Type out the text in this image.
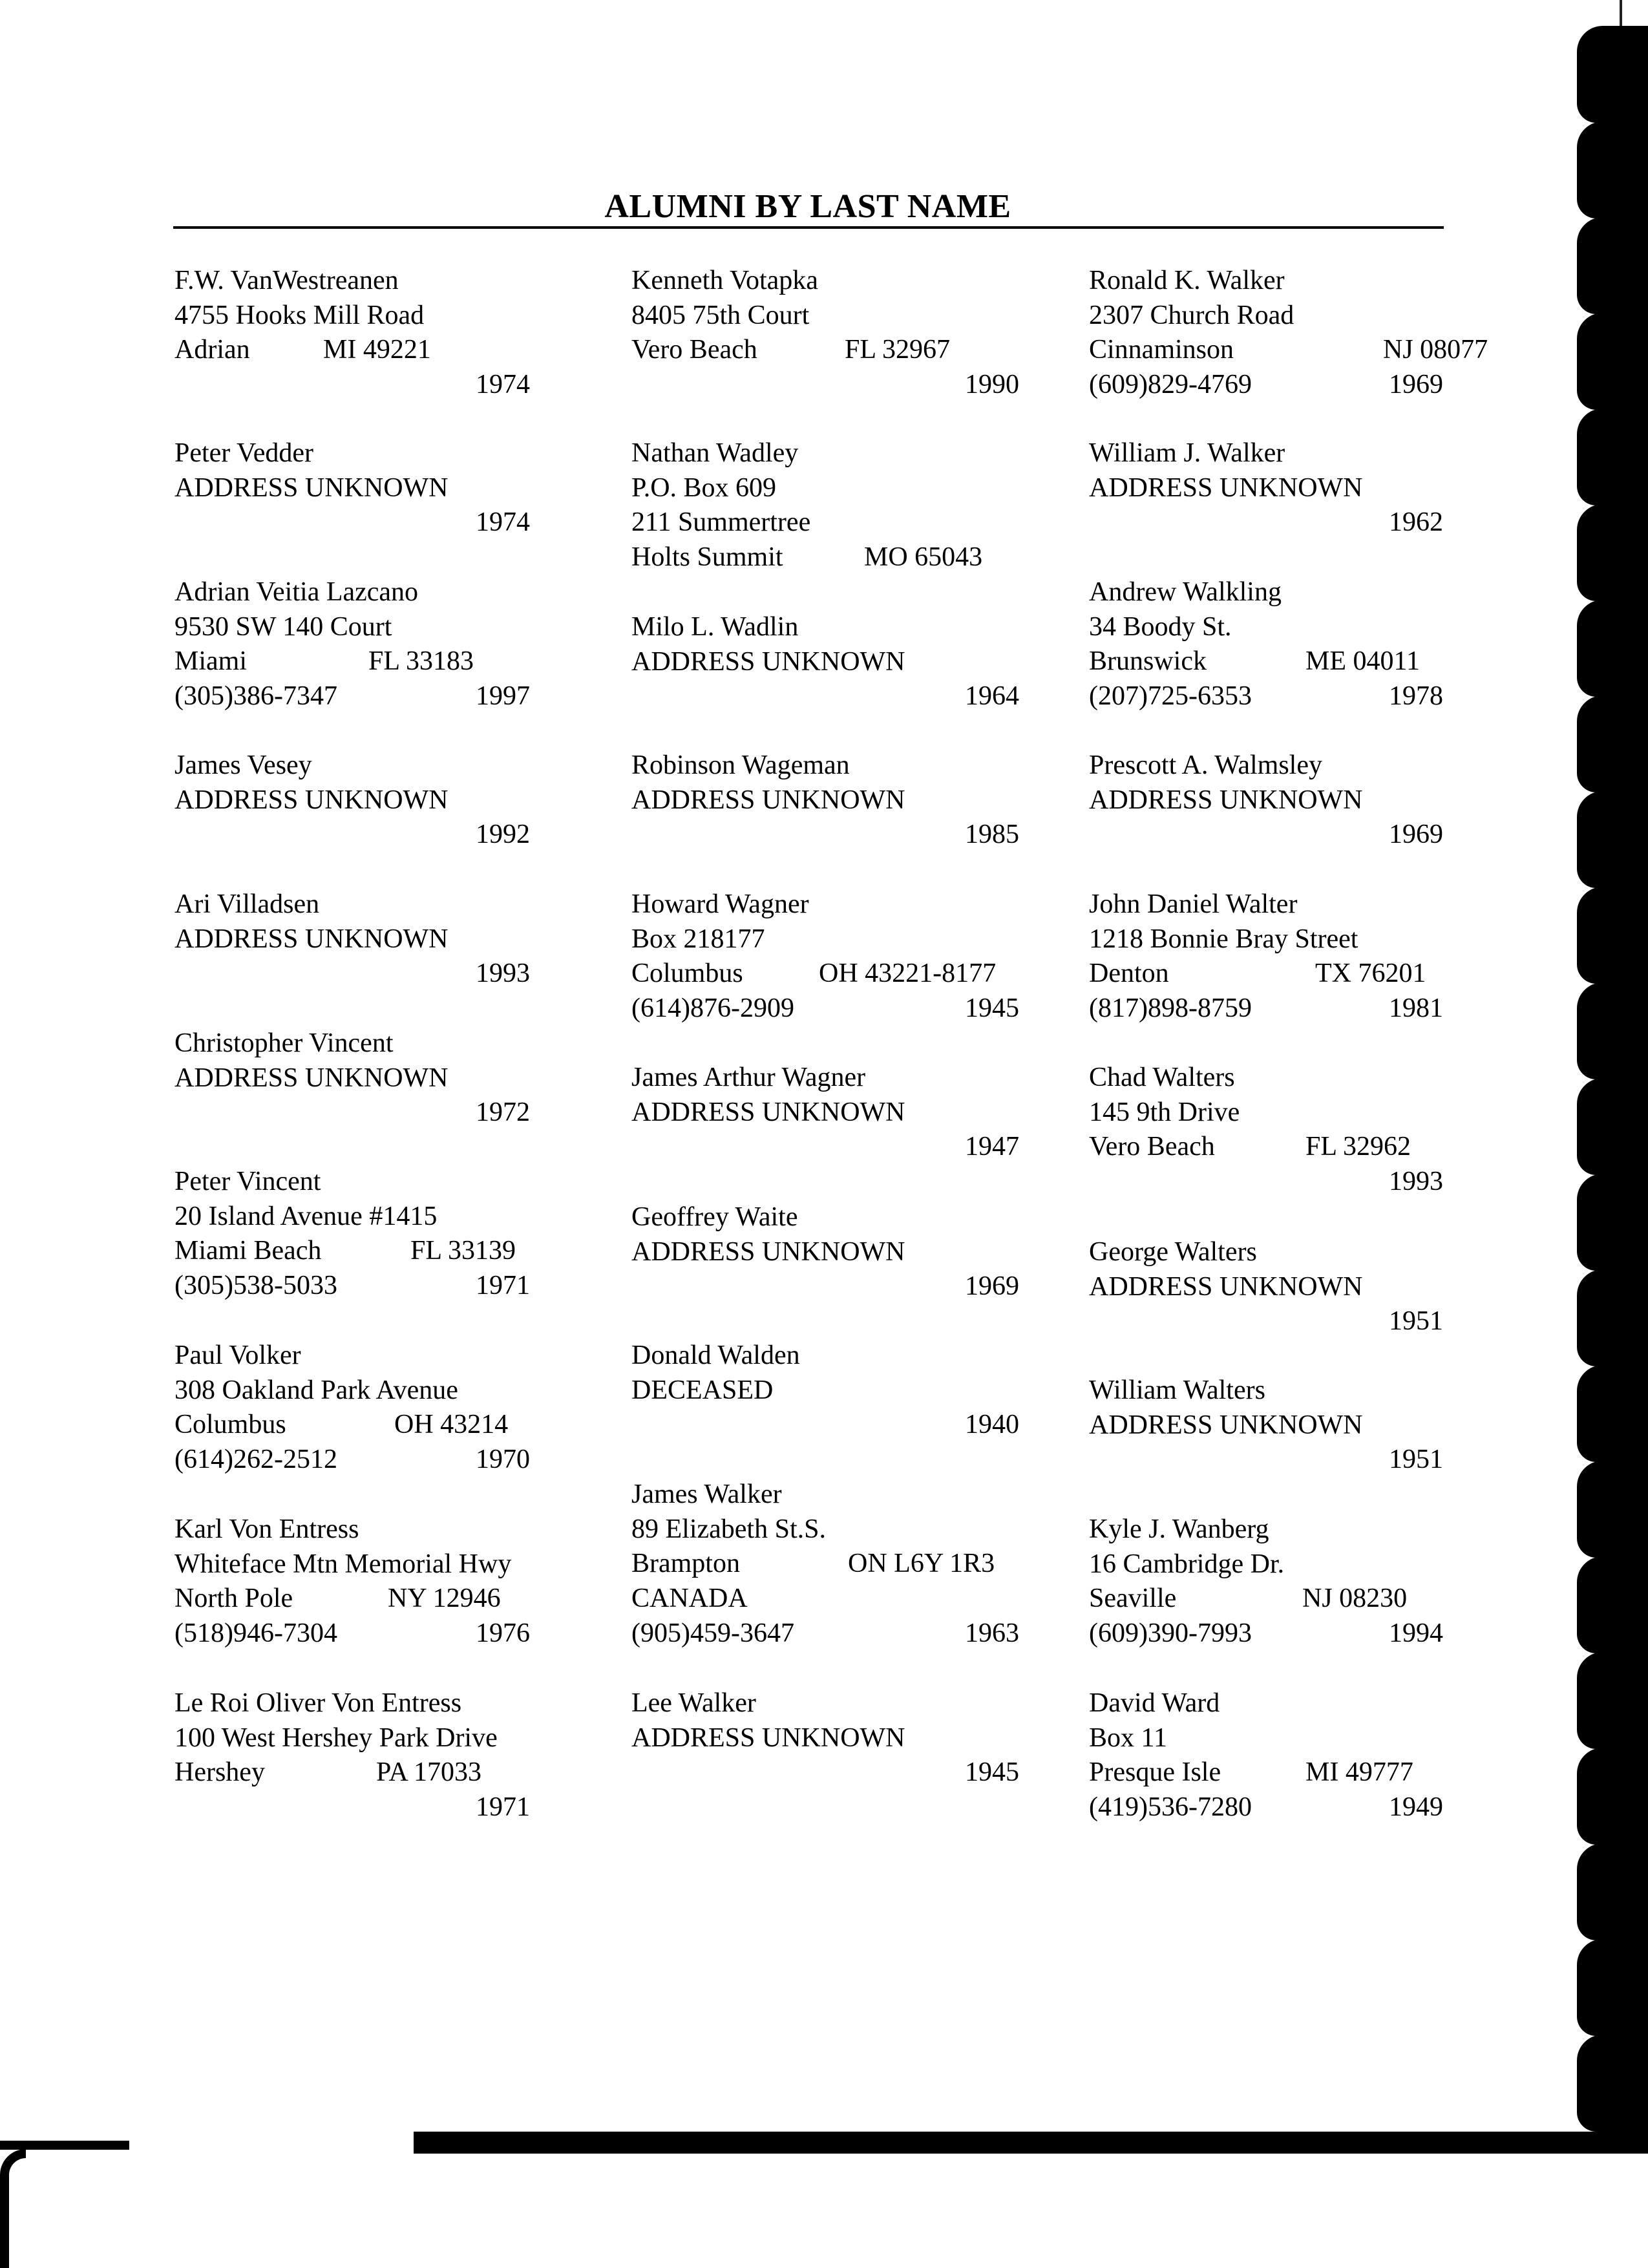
ALUMNI BY LAST NAME
F.W. VanWestreanen
4755 Hooks Mill Road
Adrian	MI 49221
1974
Peter Vedder
ADDRESS UNKNOWN
1974
Adrian Veitia Lazcano
9530 SW 140 Court
Miami	FL 33183
(305)386-7347	1997
James Vesey
ADDRESS UNKNOWN
1992
Ari Villadsen
ADDRESS UNKNOWN
1993
Christopher Vincent
ADDRESS UNKNOWN
1972
Peter Vincent
20 Island Avenue #1415
Miami Beach	FL 33139
(305)538-5033	1971
Paul Volker
308 Oakland Park Avenue
Columbus	OH 43214
(614)262-2512	1970
Karl Von Entress
Whiteface Mtn Memorial Hwy
North Pole	NY 12946
(518)946-7304	1976
Le Roi Oliver Von Entress
100 West Hershey Park Drive
Hershey	PA 17033
1971
Kenneth Votapka
8405 75th Court
Vero Beach	FL 32967
1990
Nathan Wadley
P.O. Box 609
211 Summertree
Holts Summit	MO 65043
Milo L. Wadlin
ADDRESS UNKNOWN
1964
Robinson Wageman
ADDRESS UNKNOWN
1985
Howard Wagner
Box 218177
Columbus	OH 43221-8177
(614)876-2909	1945
James Arthur Wagner
ADDRESS UNKNOWN
1947
Geoffrey Waite
ADDRESS UNKNOWN
1969
Donald Walden
DECEASED
1940
James Walker
89 Elizabeth St.S.
Brampton	ON L6Y 1R3
CANADA
(905)459-3647	1963
Lee Walker
ADDRESS UNKNOWN
1945
Ronald K. Walker
2307 Church Road
Cinnaminson	NJ 08077
(609)829-4769	1969
William J. Walker
ADDRESS UNKNOWN
1962
Andrew Walkling
34 Boody St.
Brunswick	ME 04011
(207)725-6353	1978
Prescott A. Walmsley
ADDRESS UNKNOWN
1969
John Daniel Walter
1218 Bonnie Bray Street
Denton	TX 76201
(817)898-8759	1981
Chad Walters
145 9th Drive
Vero Beach	FL 32962
1993
George Walters
ADDRESS UNKNOWN
1951
William Walters
ADDRESS UNKNOWN
1951
Kyle J. Wanberg
16 Cambridge Dr.
Seaville	NJ 08230
(609)390-7993	1994
David Ward
Box 11
Presque Isle	MI 49777
(419)536-7280	1949
